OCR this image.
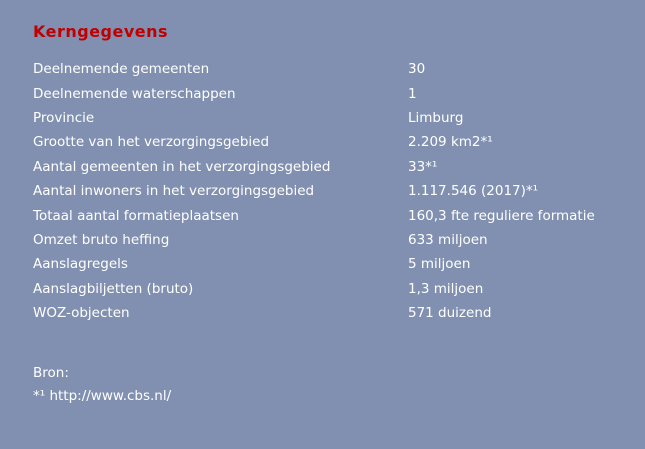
Kerngegevens
Deelnemende gemeenten	30
Deelnemende waterschappen	1
Provincie	Limburg
Grootte van het verzorgingsgebied	2.209 km2*¹
Aantal gemeenten in het verzorgingsgebied	33*¹
Aantal inwoners in het verzorgingsgebied	1.117.546 (2017)*¹
Totaal aantal formatieplaatsen	160,3 fte reguliere formatie
Omzet bruto heffing	633 miljoen
Aanslagregels	5 miljoen
Aanslagbiljetten (bruto)	1,3 miljoen
WOZ-objecten	571 duizend
Bron:
*¹ http://www.cbs.nl/
